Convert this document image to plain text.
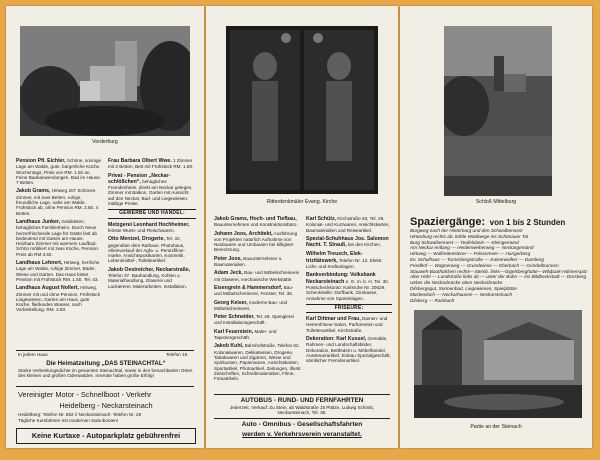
Vorderburg
Pension Pfl. Eichler, Schöne, sonnige Lage am Walde, gute, bürgerliche Küche, Wochentags, Preis von RM. 1.50 an. Feine Badeanwendungen. Bad im Hause. 7 Betten.
Jakob Grams, Hirtweg 207 Schönes Zimmer, mit zwei Betten, ruhige, freundliche Lage, nahe am Walde, Frühstück ab, ohne Pension RM. 2.50. 4 Betten.
Landhaus Junker, Gebildeten, behagliches Familienheim. Durch Neue herzerfrischende Lage für Gäste fast ab bedeutend mit Garten am Hause. Heizbare Zimmer mit warmem Laufbad. Schön möbliert mit zwei Küche, Pension. Preis ab RM 3.50.
Landhaus Lehnert, Hirtweg, herrliche Lage am Walde, ruhige Zimmer, Bäder, Wiese und Garten. Das Haus bietet Pension mit Frühstück RM. 1.50. Tel. 43.
Landhaus August Nollert, Hirtweg. Zimmer mit und ohne Pension, Frühstück Liegewiesen, Garten am Haus, gute Küche, fließendes Wasser, nach Vorbestellung. RM. 3.50.
Frau Barbara Olbert Wwe. 1 Zimmer mit 2 Betten, Bett mit Frühstück RM. 1.50.
Privat - Pension „Neckarschlößchen“, behagliches Fremdenheim, direkt am Neckar gelegen, Zimmer mit Balkon, Garten mit Aussicht auf den Neckar, Bad- und Liegewiesen, mäßige Preise.
GEWERBE UND HANDEL:
Metzgerei Leonhard Hochheimer, feinste Wurst- und Fleischwaren.
Otto Mentzel, Drogerie, Tel. 32, gegenüber dem Rathaus. Photohaus, Alleinverkauf der Agfa- u. Perutzfilmemarke, Ansichtspostkarten, Kosmetik, Lebensmittel-, Toiletteartikel.
Jakob Oestreicher, Neckarstraße, Telefon 37. Bauhandlung, Kohlen u. Materialhandlung, Glaserei und Lackiererei, Malerarbeiten, Installation.
In jedem Haus
Die Heimatzeitung „DAS STEINACHTAL“
Starke Verbreitungsdichte im gesamten Steinachtal, sowie in den benachbarten Orten des kleinen und großen Odenwaldes. Inserate haben große Erfolg!
Telefon 16
Vereinigter Motor - Schnellboot - Verkehr
Heidelberg - Neckarsteinach
Heidelberg: Telefon Nr. 862 // Neckarsteinach: Telefon Nr. 26
Tägliche Kursfahrten mit modernen Salonbooten!
Keine Kurtaxe - Autoparkplatz gebührenfrei
Ritterdenkmäler Evang. Kirche
Jakob Grams, Hoch- und Tiefbau, Bauunternehmen und Konstruktionsbüro.
Johann Joos, Architekt, Ausführung von Projekten natürlich Aufnahme von Neubauten und Umbauten bei billigster Berechnung.
Peter Joos, Bauunternehmer u. Baumaterialien.
Adam Jeck, Bau- und Möbelschreinerei mit Glaserei, mechanische Werkstätte.
Eisengrein & Hammersdorf, Bau- und Möbelschreinerei, Fenster, Tel. 35.
Georg Keiser, moderne Bau- und Möbelschreinerei.
Peter Schneider, Tel. 49. Spenglerei und Installationsgeschäft.
Karl Feuerstein, Maler- und Tapeziergeschäft.
Jakob Kuhl, Bahnhofstraße, Telefon 62. Kolonialwaren, Delikatessen, Drogerie, Tabakwaren und Zigarren, Weine und Spirituosen, Papierwaren, Ansichtskarten, Sportartikel, Photoartikel, Zeitungen, Illustr. Zeitschriften, Schreibmaterialien, Filme, Fotoartikeln.
Karl Schütz, Kirchstraße 93, Tel. 29. Kolonial- und Kurzwaren, Ansichtskarten, Baumaterialien und Reiseartikel.
Spezial-Schuhhaus Jos. Salomon Nacht. T. Strauß, bei den Kirchen.
Wilhelm Treusch, Elektrizitätswerk, Telefon Nr. 12. Elektr. Licht- und Kraftanlagen.
Bankverbindung: Volksbank Neckarsteinach e. G. m. b. H. Tel. 30. Postscheckkonto: Karlsruhe Nr. 20629. Scheckstelle: Dorfbank, Girokasse, Annahme von Spareinlagen.
FRISEURE:
Karl Dittmar und Frau, Damen- und Herrenfriseur-Salon, Parfümerien und Toilettenartikel, Kirchstraße.
Dekoration: Karl Kussel, Gemälde, Rahmen- und Landschaftsbilder, Dekoration, Bettfedern u. Möbelhandel, Aussteuerartikel, Einbau Spezialgeschäft, sämtlicher Fremdenartikel.
AUTOBUS - RUND- UND FERNFAHRTEN
Jederzeit, Verkauf: Zu Stein, ab Waldstraße 15 Plätze, Ludwig Schmitt, Neckarsteinach, Tel. 36.
Auto - Omnibus - Gesellschaftsfahrten
werden v. Verkehrsverein veranstaltet.
Schloß Mittelburg
Spaziergänge: von 1 bis 2 Stunden
Burgweg nach der Hinterburg und den Schwalbennest
Hinterburg rechts ab, kühle Waldwege ins Schönauer Tal
Burg Schwalbennest — Teufelsbein — Kleingemünd
Am Neckar entlang — Heidenweiherweg — Neckargemünd
Hirtweg — Walfreitensterer — Felsenmeer — Hungerberg
Ev. Schulhaus — Turnerbergstraße — Kaiserweiher — Darsberg
Friedhof — Wagnerweg — Grundwiese — Eberbach — Grindelbrunnen
Stauweh-Bauthülchen rechts—Steinb. links—Gigelsberghütte—Wildpark-Hühnerspitz
Alter Hohl — Landstraße links ab — unter der Bahn — ins Bildbeckstadt — Dorsberg
Ueber die Neckarbrücke oben Neckarbrücke
Dilsbergsgut, Sonnenbad, Liegewiesen, Spielplätze
Mückenloch — Neckarhausen — Neckarsteinach
Dilsberg — Rainbach
Partie an der Steinach
